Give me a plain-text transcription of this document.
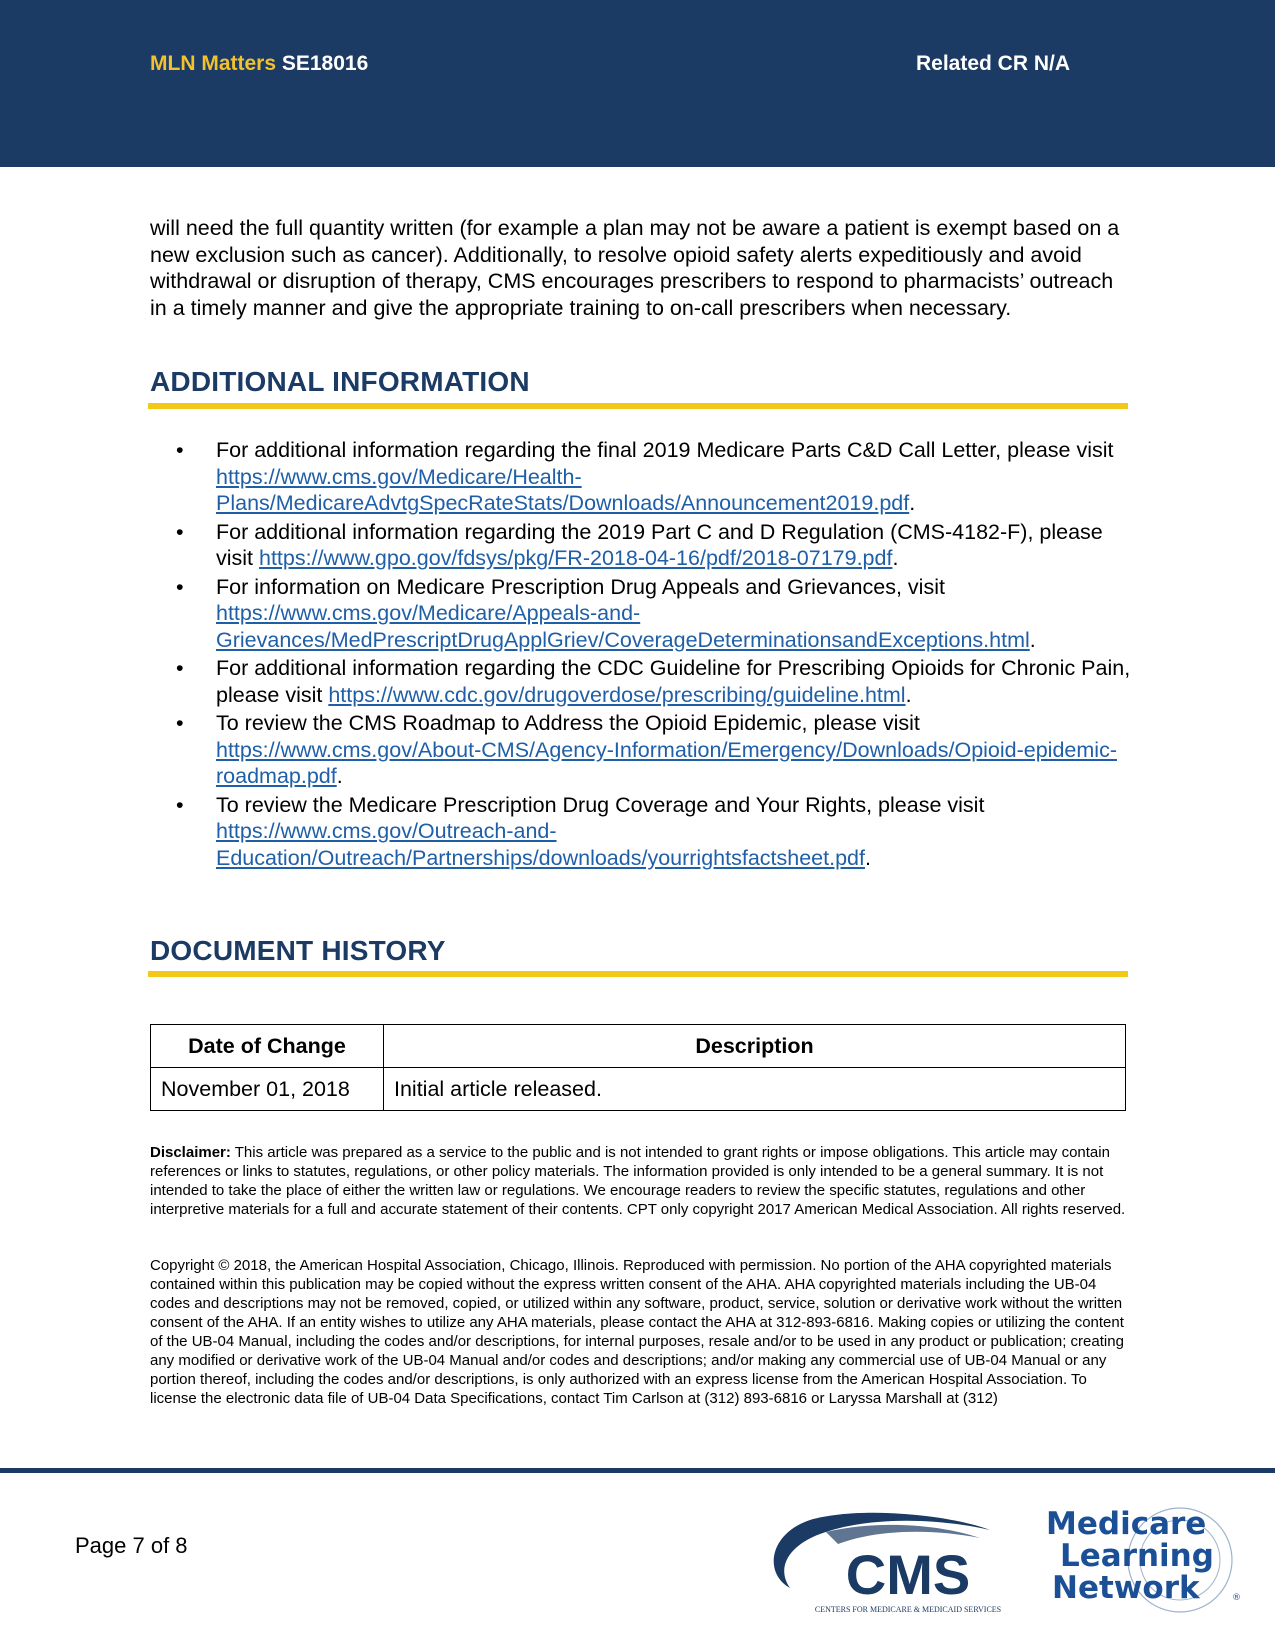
MLN Matters SE18016	Related CR N/A

will need the full quantity written (for example a plan may not be aware a patient is exempt based on a new exclusion such as cancer). Additionally, to resolve opioid safety alerts expeditiously and avoid withdrawal or disruption of therapy, CMS encourages prescribers to respond to pharmacists’ outreach in a timely manner and give the appropriate training to on-call prescribers when necessary.

ADDITIONAL INFORMATION
• For additional information regarding the final 2019 Medicare Parts C&D Call Letter, please visit https://www.cms.gov/Medicare/Health-Plans/MedicareAdvtgSpecRateStats/Downloads/Announcement2019.pdf.
• For additional information regarding the 2019 Part C and D Regulation (CMS-4182-F), please visit https://www.gpo.gov/fdsys/pkg/FR-2018-04-16/pdf/2018-07179.pdf.
• For information on Medicare Prescription Drug Appeals and Grievances, visit https://www.cms.gov/Medicare/Appeals-and-Grievances/MedPrescriptDrugApplGriev/CoverageDeterminationsandExceptions.html.
• For additional information regarding the CDC Guideline for Prescribing Opioids for Chronic Pain, please visit https://www.cdc.gov/drugoverdose/prescribing/guideline.html.
• To review the CMS Roadmap to Address the Opioid Epidemic, please visit https://www.cms.gov/About-CMS/Agency-Information/Emergency/Downloads/Opioid-epidemic-roadmap.pdf.
• To review the Medicare Prescription Drug Coverage and Your Rights, please visit https://www.cms.gov/Outreach-and-Education/Outreach/Partnerships/downloads/yourrightsfactsheet.pdf.
DOCUMENT HISTORY
Date of Change	Description
November 01, 2018	Initial article released.

Disclaimer: This article was prepared as a service to the public and is not intended to grant rights or impose obligations. This article may contain references or links to statutes, regulations, or other policy materials. The information provided is only intended to be a general summary. It is not intended to take the place of either the written law or regulations. We encourage readers to review the specific statutes, regulations and other interpretive materials for a full and accurate statement of their contents. CPT only copyright 2017 American Medical Association. All rights reserved.

Copyright © 2018, the American Hospital Association, Chicago, Illinois. Reproduced with permission. No portion of the AHA copyrighted materials contained within this publication may be copied without the express written consent of the AHA. AHA copyrighted materials including the UB-04 codes and descriptions may not be removed, copied, or utilized within any software, product, service, solution or derivative work without the written consent of the AHA. If an entity wishes to utilize any AHA materials, please contact the AHA at 312-893-6816. Making copies or utilizing the content of the UB-04 Manual, including the codes and/or descriptions, for internal purposes, resale and/or to be used in any product or publication; creating any modified or derivative work of the UB-04 Manual and/or codes and descriptions; and/or making any commercial use of UB-04 Manual or any portion thereof, including the codes and/or descriptions, is only authorized with an express license from the American Hospital Association. To license the electronic data file of UB-04 Data Specifications, contact Tim Carlson at (312) 893-6816 or Laryssa Marshall at (312)

Page 7 of 8	CMS
CENTERS FOR MEDICARE & MEDICAID SERVICES
Medicare
Learning
Network	®
